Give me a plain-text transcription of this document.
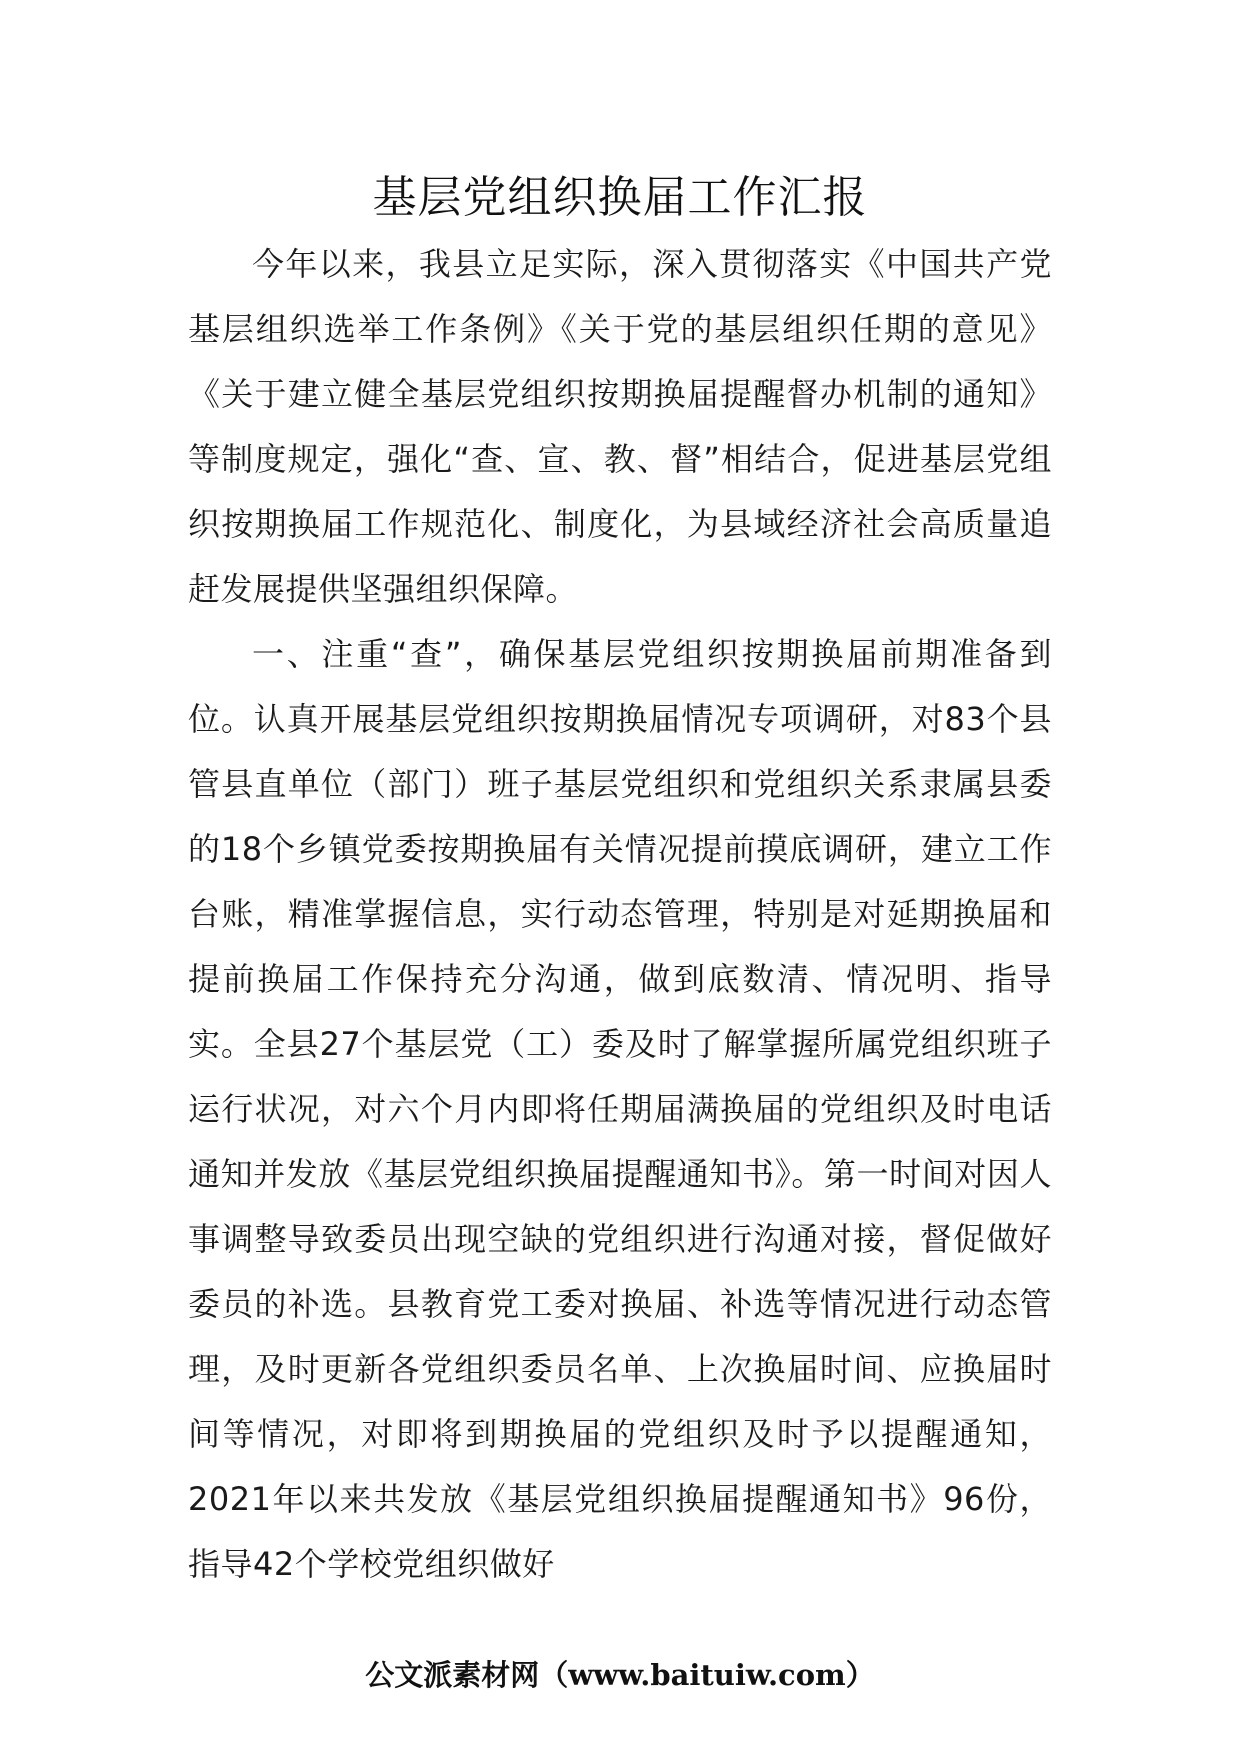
基层党组织换届工作汇报

今年以来，我县立足实际，深入贯彻落实《中国共产党基层组织选举工作条例》《关于党的基层组织任期的意见》《关于建立健全基层党组织按期换届提醒督办机制的通知》等制度规定，强化“查、宣、教、督”相结合，促进基层党组织按期换届工作规范化、制度化，为县域经济社会高质量追赶发展提供坚强组织保障。

一、注重“查”，确保基层党组织按期换届前期准备到位。认真开展基层党组织按期换届情况专项调研，对83个县管县直单位（部门）班子基层党组织和党组织关系隶属县委的18个乡镇党委按期换届有关情况提前摸底调研，建立工作台账，精准掌握信息，实行动态管理，特别是对延期换届和提前换届工作保持充分沟通，做到底数清、情况明、指导实。全县27个基层党（工）委及时了解掌握所属党组织班子运行状况，对六个月内即将任期届满换届的党组织及时电话通知并发放《基层党组织换届提醒通知书》。第一时间对因人事调整导致委员出现空缺的党组织进行沟通对接，督促做好委员的补选。县教育党工委对换届、补选等情况进行动态管理，及时更新各党组织委员名单、上次换届时间、应换届时间等情况，对即将到期换届的党组织及时予以提醒通知，2021年以来共发放《基层党组织换届提醒通知书》96份，指导42个学校党组织做好

公文派素材网（www.baituiw.com）
